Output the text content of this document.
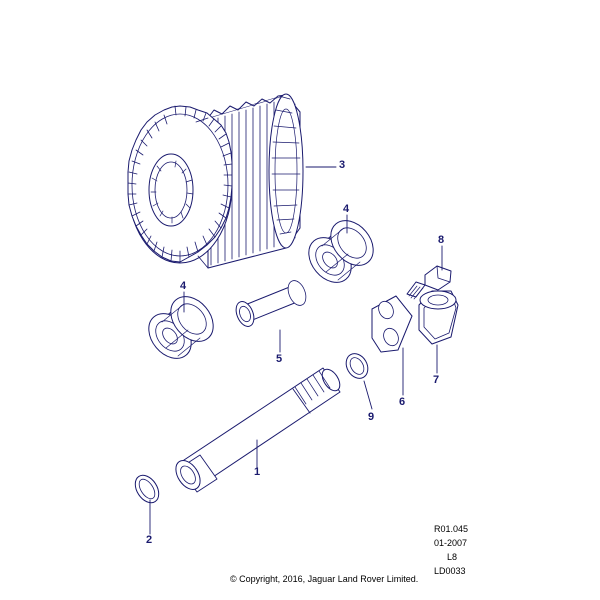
1
2
3
4
4
5
6
7
8
9
R01.045
01-2007
L8
LD0033
© Copyright, 2016, Jaguar Land Rover Limited.
